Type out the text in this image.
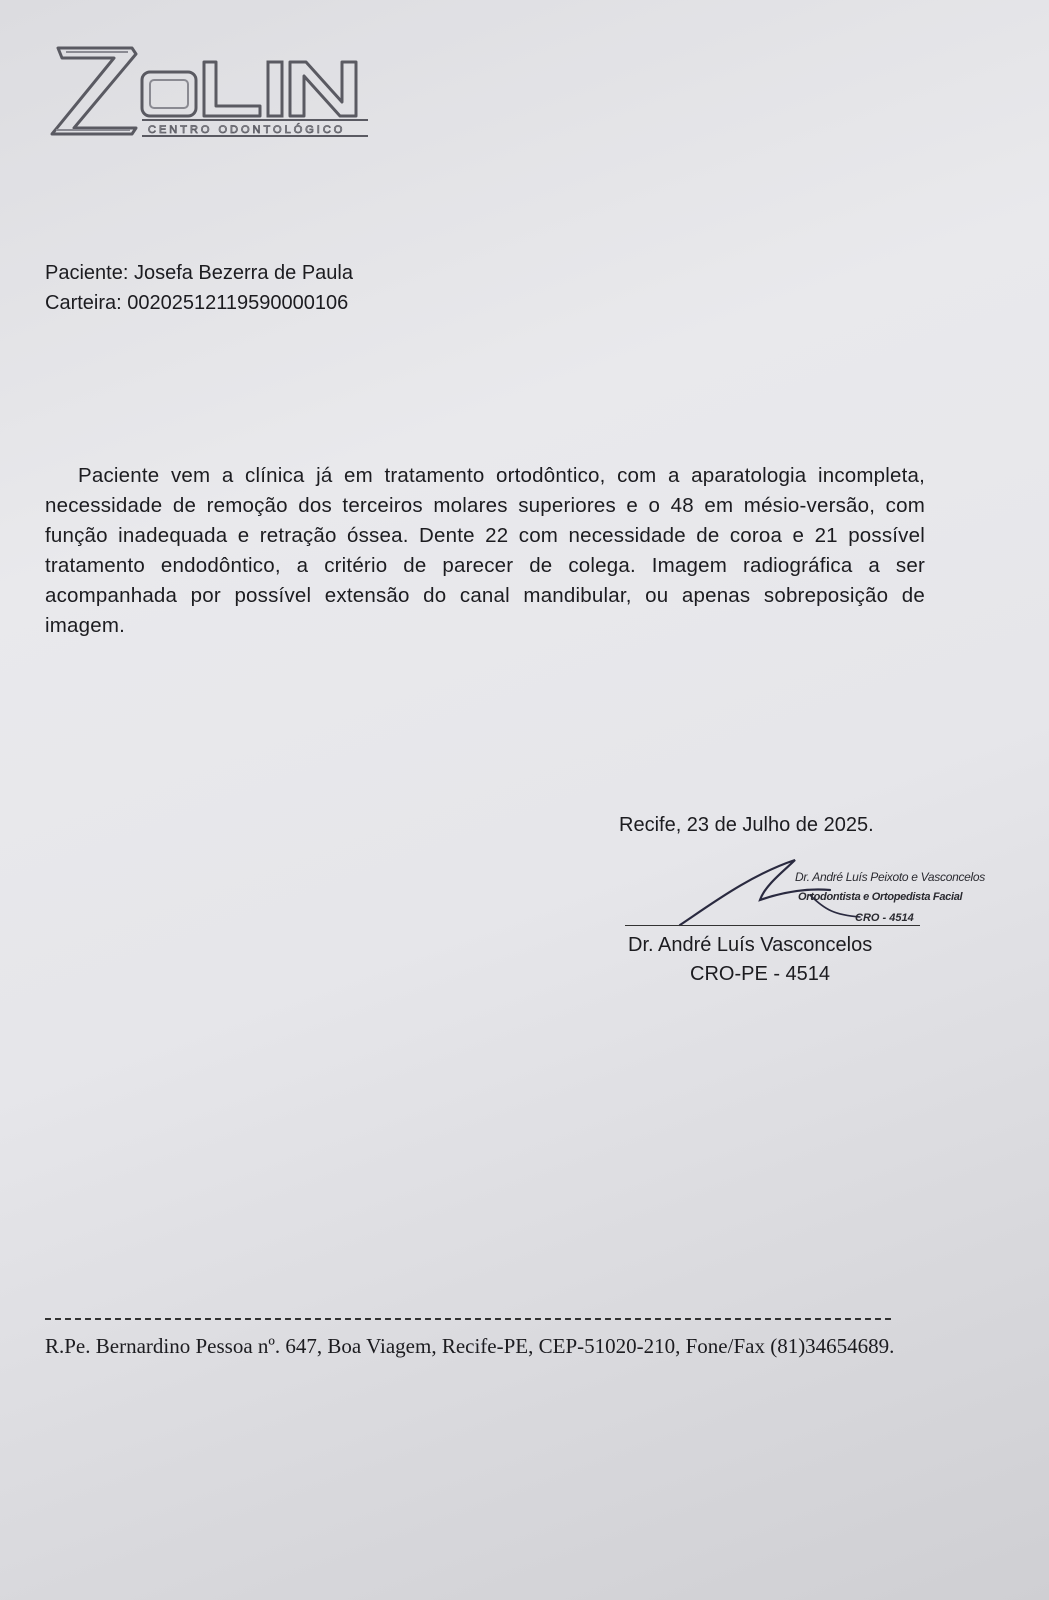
CENTRO ODONTOLÓGICO
Paciente: Josefa Bezerra de Paula
Carteira: 00202512119590000106
Paciente vem a clínica já em tratamento ortodôntico, com a aparatologia incompleta, necessidade de remoção dos terceiros molares superiores e o 48 em mésio-versão, com função inadequada e retração óssea. Dente 22 com necessidade de coroa e 21 possível tratamento endodôntico, a critério de parecer de colega. Imagem radiográfica a ser acompanhada por possível extensão do canal mandibular, ou apenas sobreposição de imagem.
Recife, 23 de Julho de 2025.
Dr. André Luís Peixoto e Vasconcelos
Ortodontista e Ortopedista Facial
CRO - 4514
Dr. André Luís Vasconcelos
CRO-PE - 4514
R.Pe. Bernardino Pessoa nº. 647, Boa Viagem, Recife-PE, CEP-51020-210, Fone/Fax (81)34654689.
